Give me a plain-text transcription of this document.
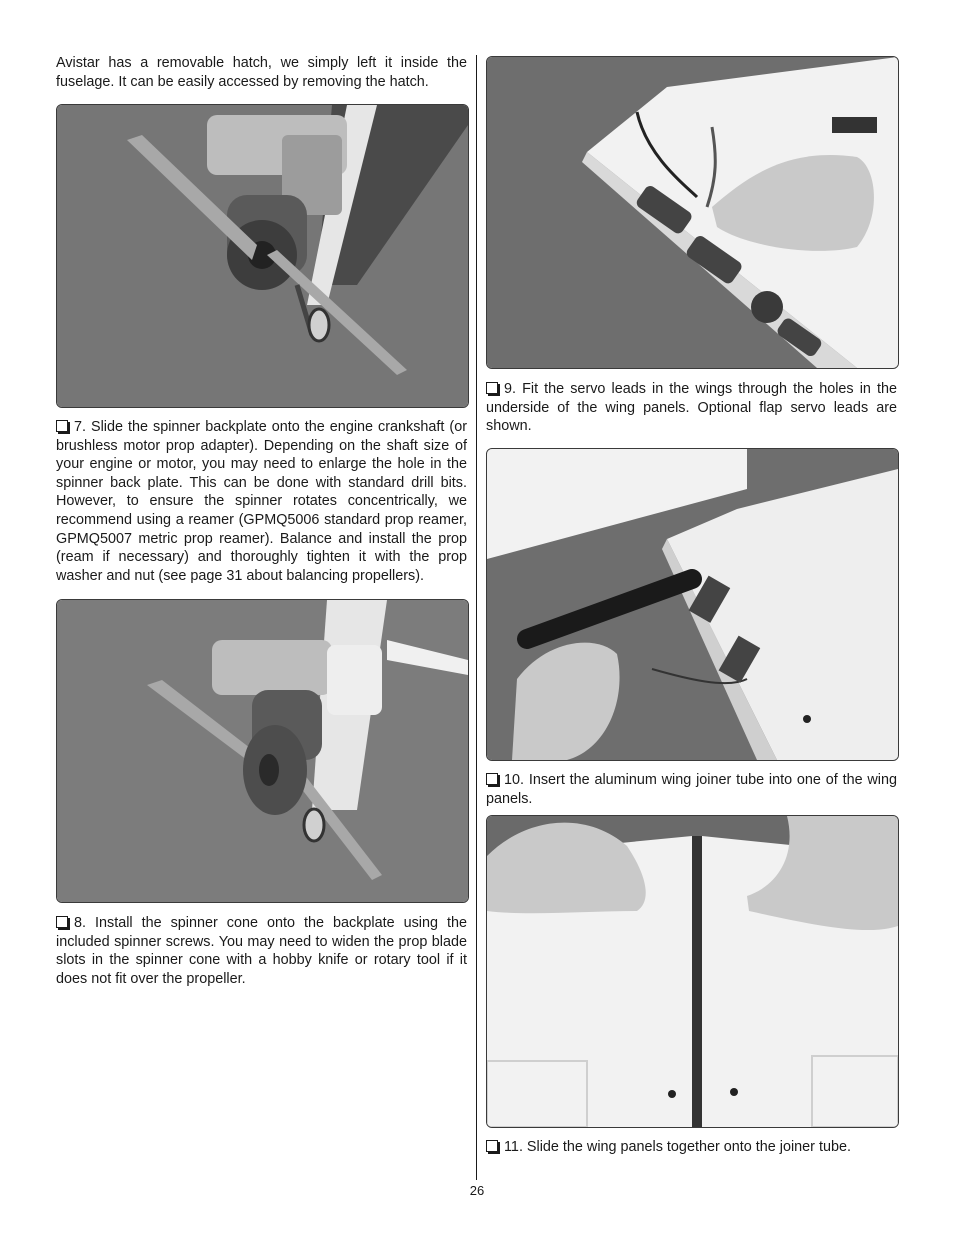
Avistar has a removable hatch, we simply left it inside the fuselage. It can be easily accessed by removing the hatch.

7. Slide the spinner backplate onto the engine crankshaft (or brushless motor prop adapter). Depending on the shaft size of your engine or motor, you may need to enlarge the hole in the spinner back plate. This can be done with standard drill bits. However, to ensure the spinner rotates concentrically, we recommend using a reamer (GPMQ5006 standard prop reamer, GPMQ5007 metric prop reamer). Balance and install the prop (ream if necessary) and thoroughly tighten it with the prop washer and nut (see page 31 about balancing propellers).

8. Install the spinner cone onto the backplate using the included spinner screws. You may need to widen the prop blade slots in the spinner cone with a hobby knife or rotary tool if it does not fit over the propeller.

9. Fit the servo leads in the wings through the holes in the underside of the wing panels. Optional flap servo leads are shown.

10. Insert the aluminum wing joiner tube into one of the wing panels.

11. Slide the wing panels together onto the joiner tube.

26
